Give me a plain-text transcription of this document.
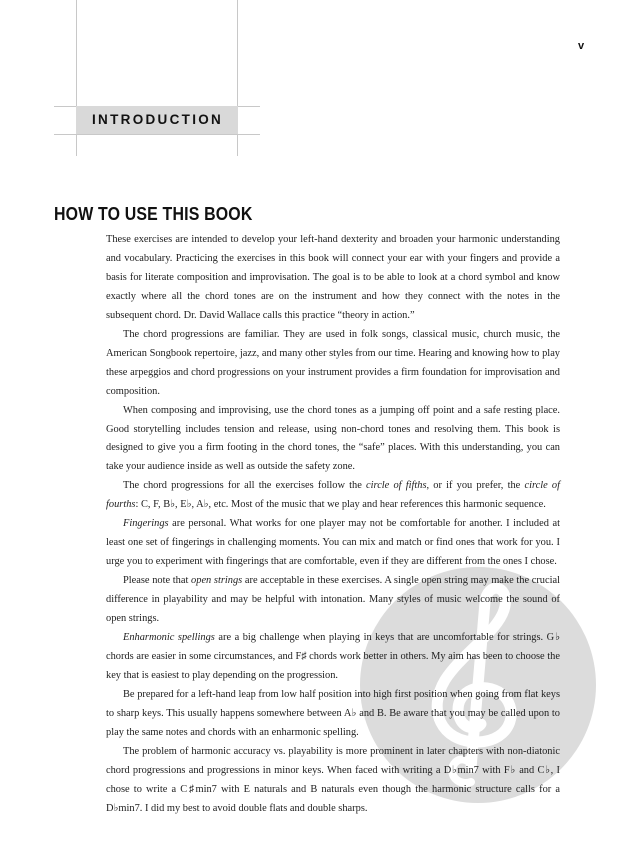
INTRODUCTION
v
HOW TO USE THIS BOOK

These exercises are intended to develop your left-hand dexterity and broaden your harmonic understanding and vocabulary. Practicing the exercises in this book will connect your ear with your fingers and provide a basis for literate composition and improvisation. The goal is to be able to look at a chord symbol and know exactly where all the chord tones are on the instrument and how they connect with the notes in the subsequent chord. Dr. David Wallace calls this practice “theory in action.”

The chord progressions are familiar. They are used in folk songs, classical music, church music, the American Songbook repertoire, jazz, and many other styles from our time. Hearing and knowing how to play these arpeggios and chord progressions on your instrument provides a firm foundation for improvisation and composition.

When composing and improvising, use the chord tones as a jumping off point and a safe resting place. Good storytelling includes tension and release, using non-chord tones and resolving them. This book is designed to give you a firm footing in the chord tones, the “safe” places. With this understanding, you can take your audience inside as well as outside the safety zone.

The chord progressions for all the exercises follow the circle of fifths, or if you prefer, the circle of fourths: C, F, B♭, E♭, A♭, etc. Most of the music that we play and hear references this harmonic sequence.

Fingerings are personal. What works for one player may not be comfortable for another. I included at least one set of fingerings in challenging moments. You can mix and match or find ones that work for you. I urge you to experiment with fingerings that are comfortable, even if they are different from the ones I chose.

Please note that open strings are acceptable in these exercises. A single open string may make the crucial difference in playability and may be helpful with intonation. Many styles of music welcome the sound of open strings.

Enharmonic spellings are a big challenge when playing in keys that are uncomfortable for strings. G♭ chords are easier in some circumstances, and F♯ chords work better in others. My aim has been to choose the key that is easiest to play depending on the progression.

Be prepared for a left-hand leap from low half position into high first position when going from flat keys to sharp keys. This usually happens somewhere between A♭ and B. Be aware that you may be called upon to play the same notes and chords with an enharmonic spelling.

The problem of harmonic accuracy vs. playability is more prominent in later chapters with non-diatonic chord progressions and progressions in minor keys. When faced with writing a D♭min7 with F♭ and C♭, I chose to write a C♯min7 with E naturals and B naturals even though the harmonic structure calls for a D♭min7. I did my best to avoid double flats and double sharps.
